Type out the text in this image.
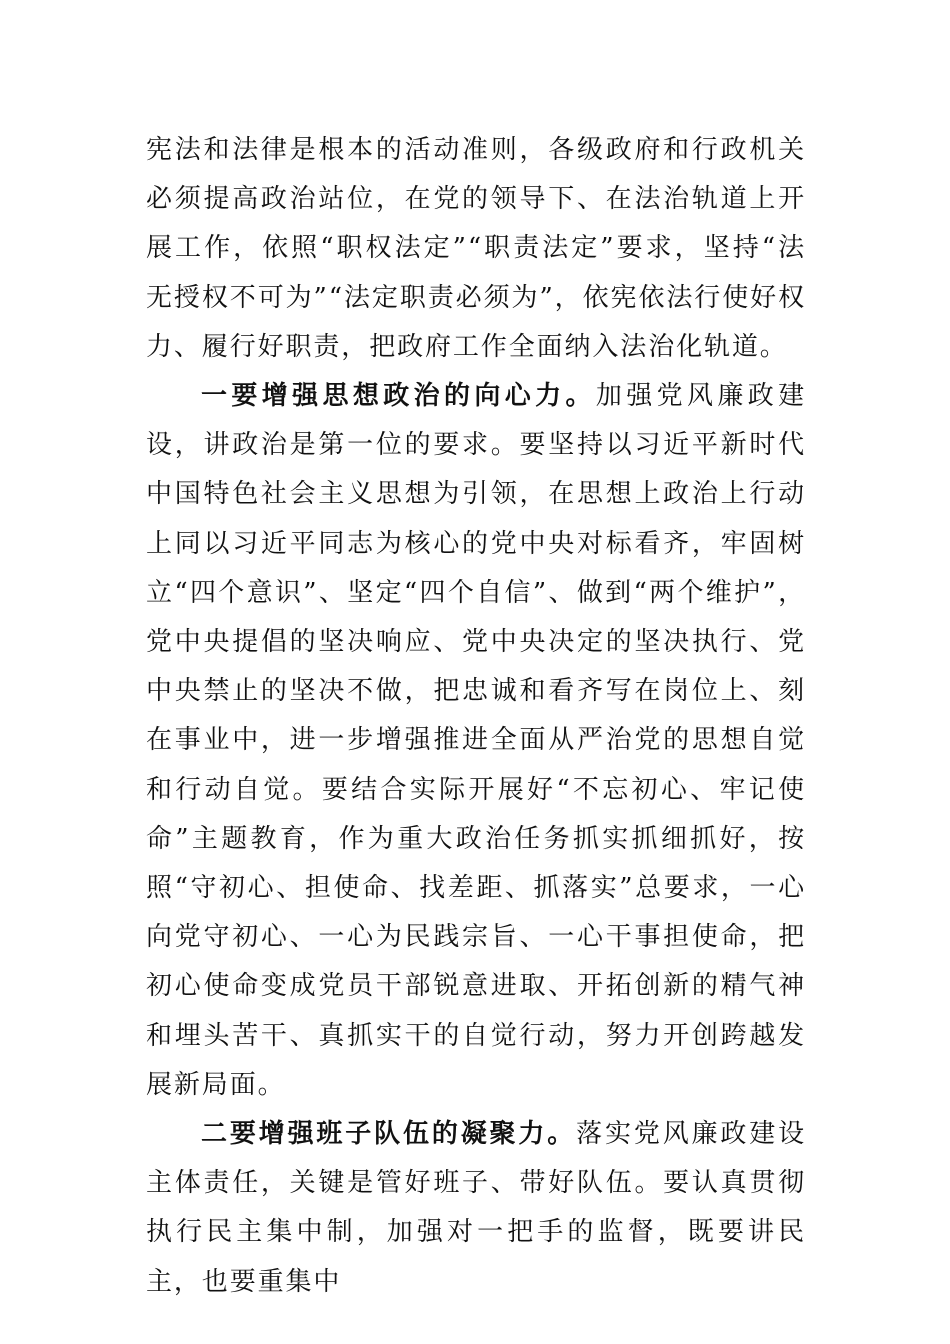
宪法和法律是根本的活动准则，各级政府和行政机关必须提高政治站位，在党的领导下、在法治轨道上开展工作，依照“职权法定”“职责法定”要求，坚持“法无授权不可为”“法定职责必须为”，依宪依法行使好权力、履行好职责，把政府工作全面纳入法治化轨道。

一要增强思想政治的向心力。加强党风廉政建设，讲政治是第一位的要求。要坚持以习近平新时代中国特色社会主义思想为引领，在思想上政治上行动上同以习近平同志为核心的党中央对标看齐，牢固树立“四个意识”、坚定“四个自信”、做到“两个维护”，党中央提倡的坚决响应、党中央决定的坚决执行、党中央禁止的坚决不做，把忠诚和看齐写在岗位上、刻在事业中，进一步增强推进全面从严治党的思想自觉和行动自觉。要结合实际开展好“不忘初心、牢记使命”主题教育，作为重大政治任务抓实抓细抓好，按照“守初心、担使命、找差距、抓落实”总要求，一心向党守初心、一心为民践宗旨、一心干事担使命，把初心使命变成党员干部锐意进取、开拓创新的精气神和埋头苦干、真抓实干的自觉行动，努力开创跨越发展新局面。

二要增强班子队伍的凝聚力。落实党风廉政建设主体责任，关键是管好班子、带好队伍。要认真贯彻执行民主集中制，加强对一把手的监督，既要讲民主，也要重集中
